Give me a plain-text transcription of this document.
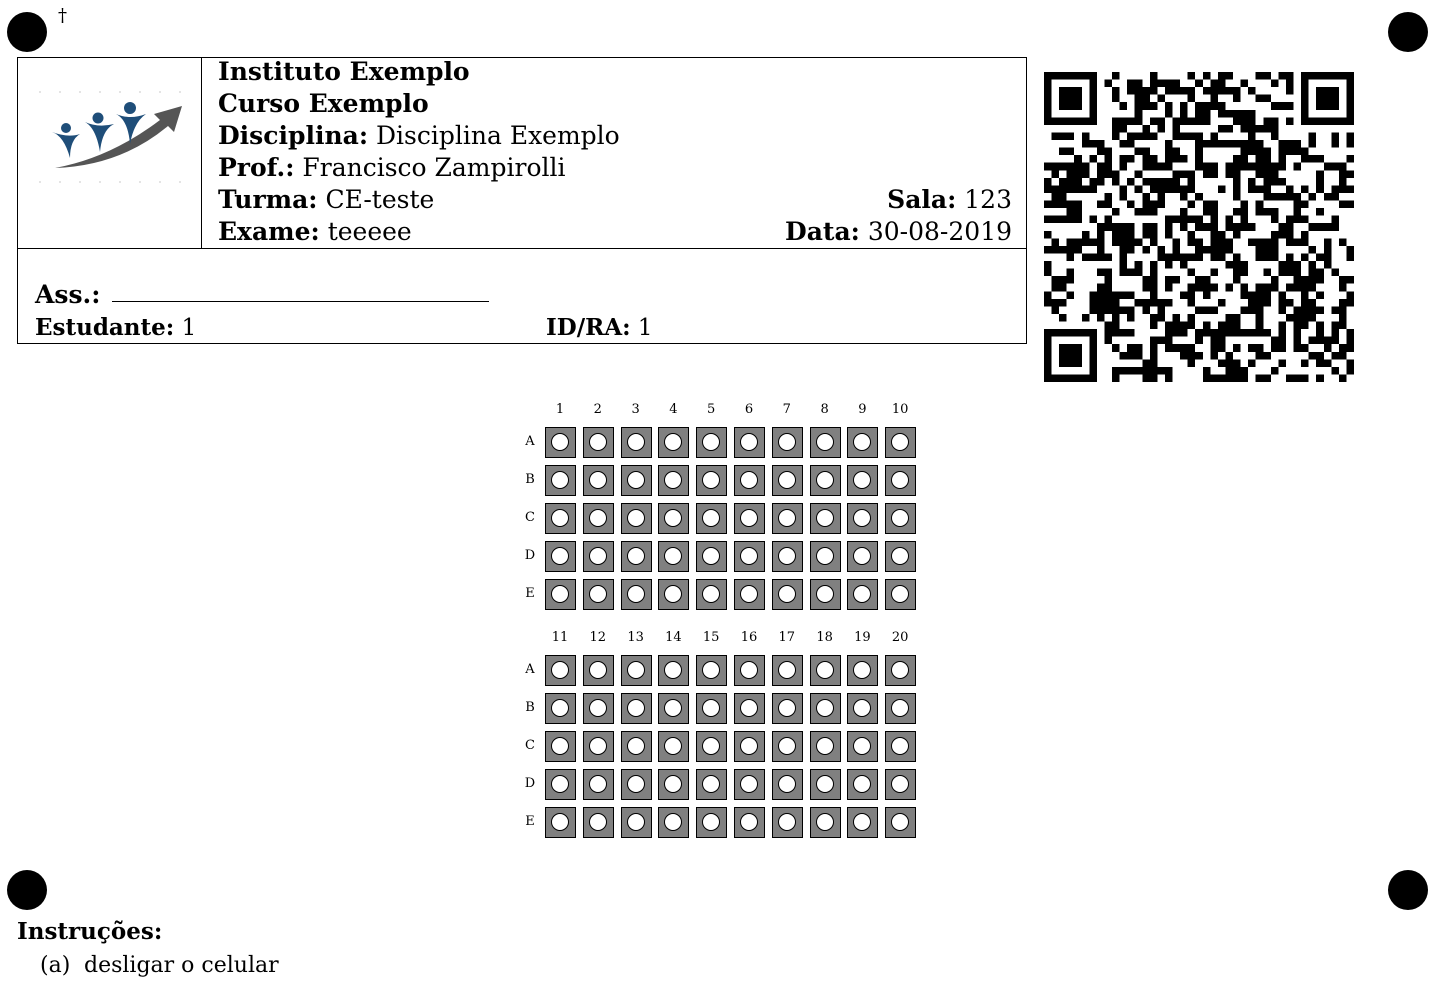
†
Instituto Exemplo
Curso Exemplo
Disciplina: Disciplina Exemplo
Prof.: Francisco Zampirolli
Turma: CE-teste	Sala: 123
Exame: teeeee	Data: 30-08-2019
Ass.:
Estudante: 1	ID/RA: 1
1	2	3	4	5	6	7	8	9	10
A
B
C
D
E
11	12	13	14	15	16	17	18	19	20
A
B
C
D
E
Instruções:
(a) desligar o celular
